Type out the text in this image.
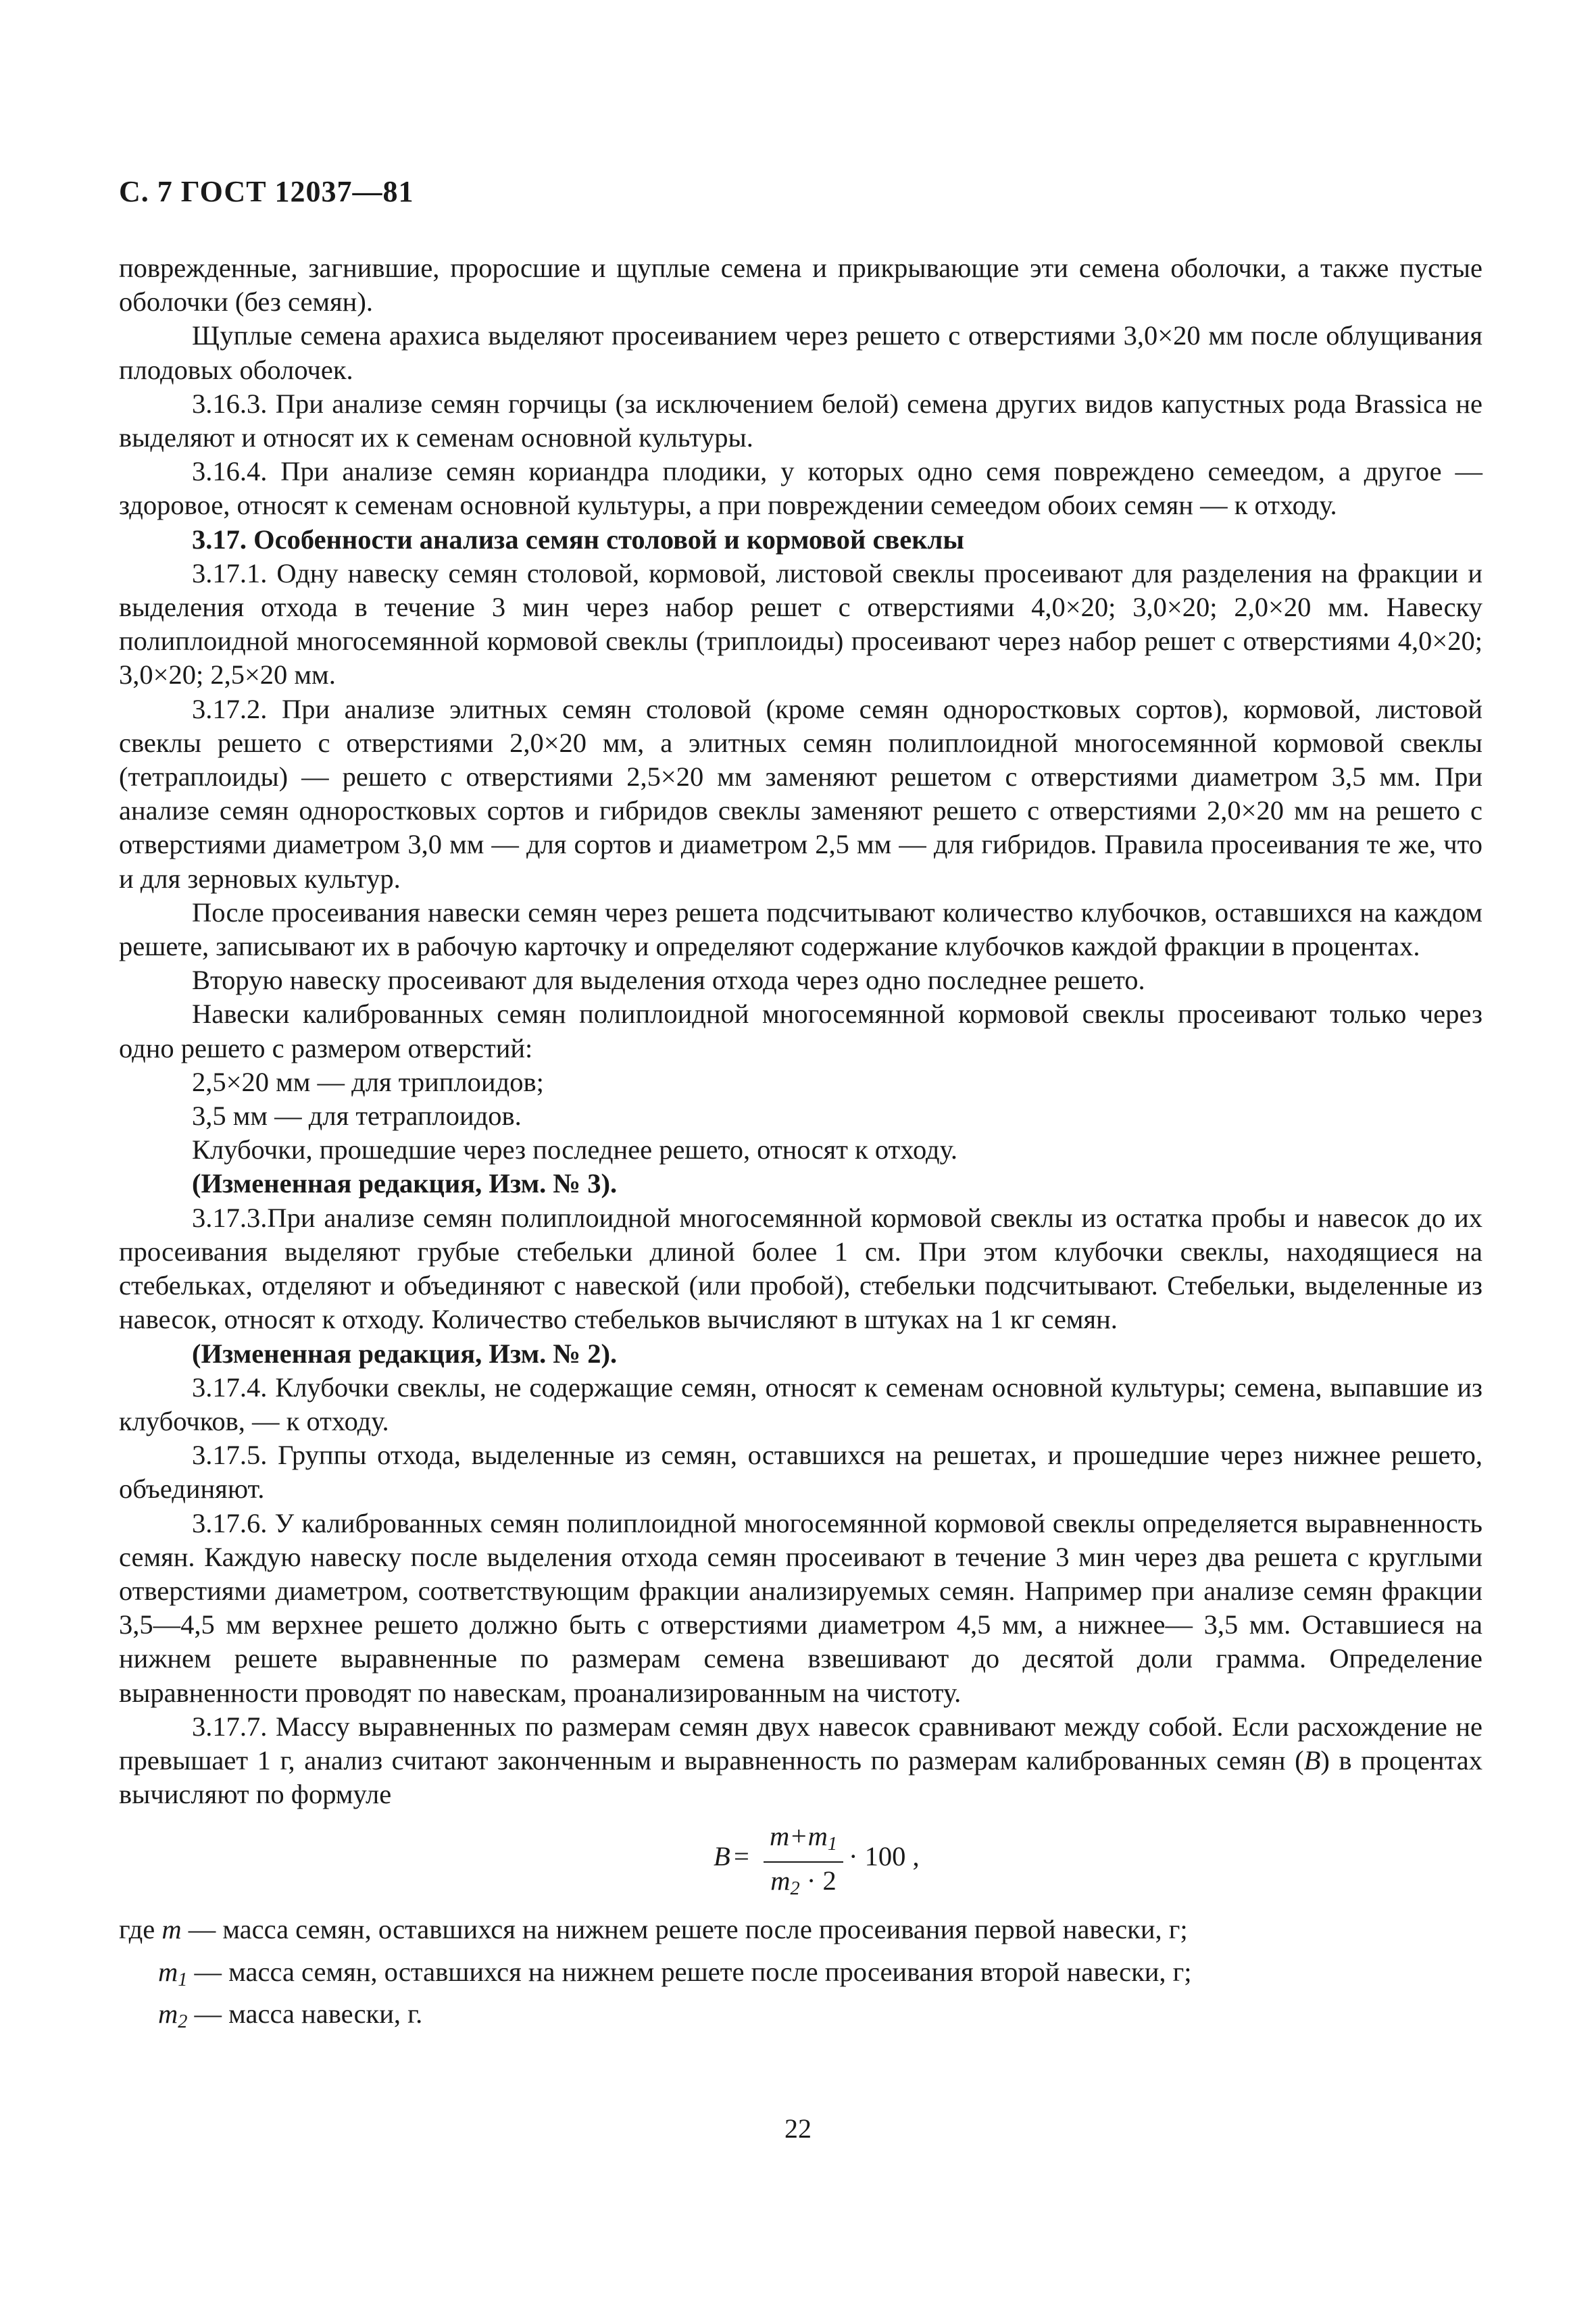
С. 7 ГОСТ 12037—81

поврежденные, загнившие, проросшие и щуплые семена и прикрывающие эти семена оболочки, а также пустые оболочки (без семян).

Щуплые семена арахиса выделяют просеиванием через решето с отверстиями 3,0×20 мм после облущивания плодовых оболочек.

3.16.3. При анализе семян горчицы (за исключением белой) семена других видов капустных рода Brassica не выделяют и относят их к семенам основной культуры.

3.16.4. При анализе семян кориандра плодики, у которых одно семя повреждено семеедом, а другое — здоровое, относят к семенам основной культуры, а при повреждении семеедом обоих семян — к отходу.

3.17. Особенности анализа семян столовой и кормовой свеклы

3.17.1. Одну навеску семян столовой, кормовой, листовой свеклы просеивают для разделения на фракции и выделения отхода в течение 3 мин через набор решет с отверстиями 4,0×20; 3,0×20; 2,0×20 мм. Навеску полиплоидной многосемянной кормовой свеклы (триплоиды) просеивают через набор решет с отверстиями 4,0×20; 3,0×20; 2,5×20 мм.

3.17.2. При анализе элитных семян столовой (кроме семян одноростковых сортов), кормовой, листовой свеклы решето с отверстиями 2,0×20 мм, а элитных семян полиплоидной многосемянной кормовой свеклы (тетраплоиды) — решето с отверстиями 2,5×20 мм заменяют решетом с отверстиями диаметром 3,5 мм. При анализе семян одноростковых сортов и гибридов свеклы заменяют решето с отверстиями 2,0×20 мм на решето с отверстиями диаметром 3,0 мм — для сортов и диаметром 2,5 мм — для гибридов. Правила просеивания те же, что и для зерновых культур.

После просеивания навески семян через решета подсчитывают количество клубочков, оставшихся на каждом решете, записывают их в рабочую карточку и определяют содержание клубочков каждой фракции в процентах.

Вторую навеску просеивают для выделения отхода через одно последнее решето.

Навески калиброванных семян полиплоидной многосемянной кормовой свеклы просеивают только через одно решето с размером отверстий:

2,5×20 мм — для триплоидов;

3,5 мм — для тетраплоидов.

Клубочки, прошедшие через последнее решето, относят к отходу.

(Измененная редакция, Изм. № 3).

3.17.3.При анализе семян полиплоидной многосемянной кормовой свеклы из остатка пробы и навесок до их просеивания выделяют грубые стебельки длиной более 1 см. При этом клубочки свеклы, находящиеся на стебельках, отделяют и объединяют с навеской (или пробой), стебельки подсчитывают. Стебельки, выделенные из навесок, относят к отходу. Количество стебельков вычисляют в штуках на 1 кг семян.

(Измененная редакция, Изм. № 2).

3.17.4. Клубочки свеклы, не содержащие семян, относят к семенам основной культуры; семена, выпавшие из клубочков, — к отходу.

3.17.5. Группы отхода, выделенные из семян, оставшихся на решетах, и прошедшие через нижнее решето, объединяют.

3.17.6. У калиброванных семян полиплоидной многосемянной кормовой свеклы определяется выравненность семян. Каждую навеску после выделения отхода семян просеивают в течение 3 мин через два решета с круглыми отверстиями диаметром, соответствующим фракции анализируемых семян. Например при анализе семян фракции 3,5—4,5 мм верхнее решето должно быть с отверстиями диаметром 4,5 мм, а нижнее— 3,5 мм. Оставшиеся на нижнем решете выравненные по размерам семена взвешивают до десятой доли грамма. Определение выравненности проводят по навескам, проанализированным на чистоту.

3.17.7. Массу выравненных по размерам семян двух навесок сравнивают между собой. Если расхождение не превышает 1 г, анализ считают законченным и выравненность по размерам калиброванных семян (B) в процентах вычисляют по формуле

B =
$m+m_1$
$m_2 \cdot 2$
· 100 ,
где m — масса семян, оставшихся на нижнем решете после просеивания первой навески, г;
$m_1$ — масса семян, оставшихся на нижнем решете после просеивания второй навески, г;
$m_2$ — масса навески, г.
22
